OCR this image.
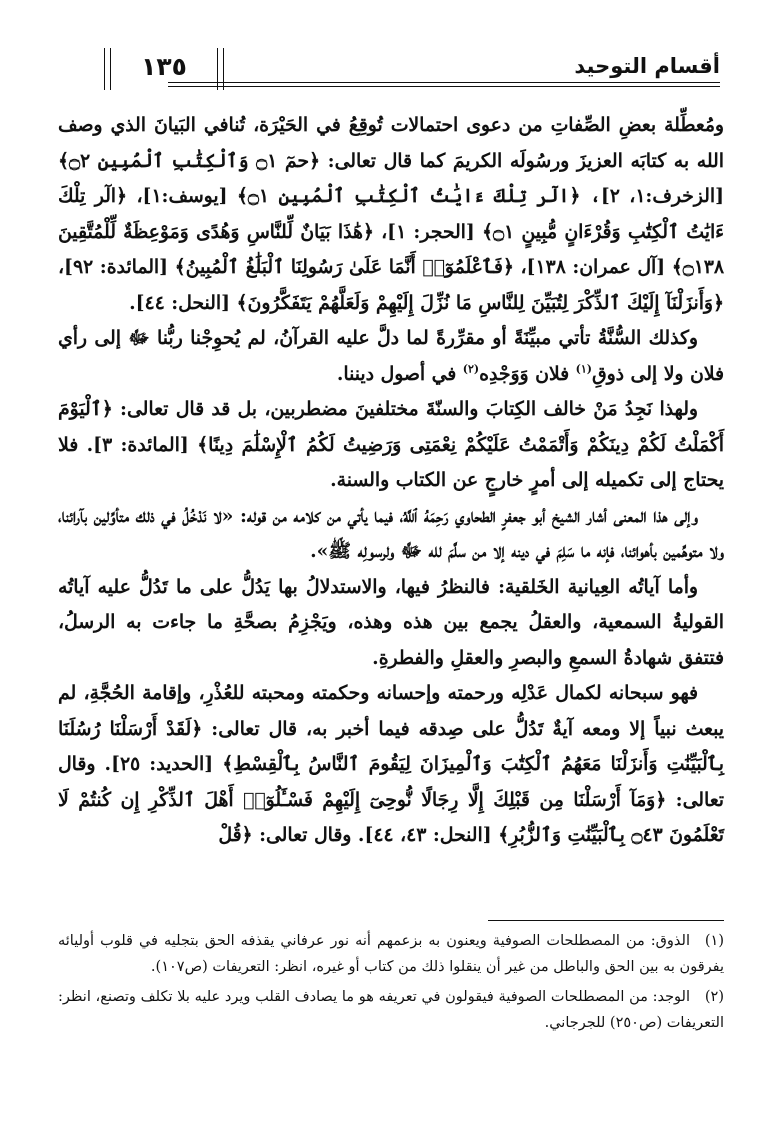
١٣٥	أقسام التوحيد

ومُعطِّلة بعضِ الصِّفاتِ من دعوى احتمالات تُوقِعُ في الحَيْرَة، تُنافي البَيانَ الذي وصف الله به كتابَه العزيزَ ورسُولَه الكريمَ كما قال تعالى: ﴿حمٓ ۝١ وَٱلْكِتَٰبِ ٱلْمُبِينِ ۝٢﴾ [الزخرف:١، ٢]، ﴿الٓر تِلْكَ ءَايَٰتُ ٱلْكِتَٰبِ ٱلْمُبِينِ ۝١﴾ [يوسف:١]، ﴿الٓر تِلْكَ ءَايَٰتُ ٱلْكِتَٰبِ وَقُرْءَانٍ مُّبِينٍ ۝١﴾ [الحجر: ١]، ﴿هَٰذَا بَيَانٌ لِّلنَّاسِ وَهُدًى وَمَوْعِظَةٌ لِّلْمُتَّقِينَ ۝١٣٨﴾ [آل عمران: ١٣٨]، ﴿فَٱعْلَمُوٓا۟ أَنَّمَا عَلَىٰ رَسُولِنَا ٱلْبَلَٰغُ ٱلْمُبِينُ﴾ [المائدة: ٩٢]، ﴿وَأَنزَلْنَآ إِلَيْكَ ٱلذِّكْرَ لِتُبَيِّنَ لِلنَّاسِ مَا نُزِّلَ إِلَيْهِمْ وَلَعَلَّهُمْ يَتَفَكَّرُونَ﴾ [النحل: ٤٤].

وكذلك السُّنَّةُ تأتي مبيِّنَةً أو مقرِّرةً لما دلَّ عليه القرآنُ، لم يُحوِجْنا ربُّنا ﷻ إلى رأي فلان ولا إلى ذوقِ$^{(١)}$ فلان وَوَجْدِه$^{(٢)}$ في أصول ديننا.

ولهذا نَجِدُ مَنْ خالف الكِتابَ والسنّةَ مختلفينَ مضطربين، بل قد قال تعالى: ﴿ٱلْيَوْمَ أَكْمَلْتُ لَكُمْ دِينَكُمْ وَأَتْمَمْتُ عَلَيْكُمْ نِعْمَتِى وَرَضِيتُ لَكُمُ ٱلْإِسْلَٰمَ دِينًا﴾ [المائدة: ٣]. فلا يحتاج إلى تكميله إلى أمرٍ خارجٍ عن الكتاب والسنة.

وإلى هذا المعنى أشار الشيخ أبو جعفرٍ الطحاوي رَحِمَهُ ٱللَّهُ، فيما يأتي من كلامه من قوله: «لا نَدْخُلُ في ذلك متأوِّلين بآرائنا، ولا متوهِّمين بأهوائنا، فإنه ما سَلِمَ في دينه إلا من سلَّمَ لله ﷻ ولرسولِه ﷺ».

وأما آياتُه العِيانية الخَلقية: فالنظرُ فيها، والاستدلالُ بها يَدُلُّ على ما تَدُلُّ عليه آياتُه القوليةُ السمعية، والعقلُ يجمع بين هذه وهذه، ويَجْزِمُ بصحَّةِ ما جاءت به الرسلُ، فتتفق شهادةُ السمعِ والبصرِ والعقلِ والفطرةِ.

فهو سبحانه لكمال عَدْلِه ورحمته وإحسانه وحكمته ومحبته للعُذْرِ، وإقامة الحُجَّةِ، لم يبعث نبياً إلا ومعه آيةٌ تَدُلُّ على صِدقه فيما أخبر به، قال تعالى: ﴿لَقَدْ أَرْسَلْنَا رُسُلَنَا بِٱلْبَيِّنَٰتِ وَأَنزَلْنَا مَعَهُمُ ٱلْكِتَٰبَ وَٱلْمِيزَانَ لِيَقُومَ ٱلنَّاسُ بِٱلْقِسْطِ﴾ [الحديد: ٢٥]. وقال تعالى: ﴿وَمَآ أَرْسَلْنَا مِن قَبْلِكَ إِلَّا رِجَالًا نُّوحِىٓ إِلَيْهِمْ فَسْـَٔلُوٓا۟ أَهْلَ ٱلذِّكْرِ إِن كُنتُمْ لَا تَعْلَمُونَ ۝٤٣ بِٱلْبَيِّنَٰتِ وَٱلزُّبُرِ﴾ [النحل: ٤٣، ٤٤]. وقال تعالى: ﴿قُلْ

(١)الذوق: من المصطلحات الصوفية ويعنون به بزعمهم أنه نور عرفاني يقذفه الحق بتجليه في قلوب أوليائه يفرقون به بين الحق والباطل من غير أن ينقلوا ذلك من كتاب أو غيره، انظر: التعريفات (ص١٠٧).

(٢)الوجد: من المصطلحات الصوفية فيقولون في تعريفه هو ما يصادف القلب ويرد عليه بلا تكلف وتصنع، انظر: التعريفات (ص٢٥٠) للجرجاني.
